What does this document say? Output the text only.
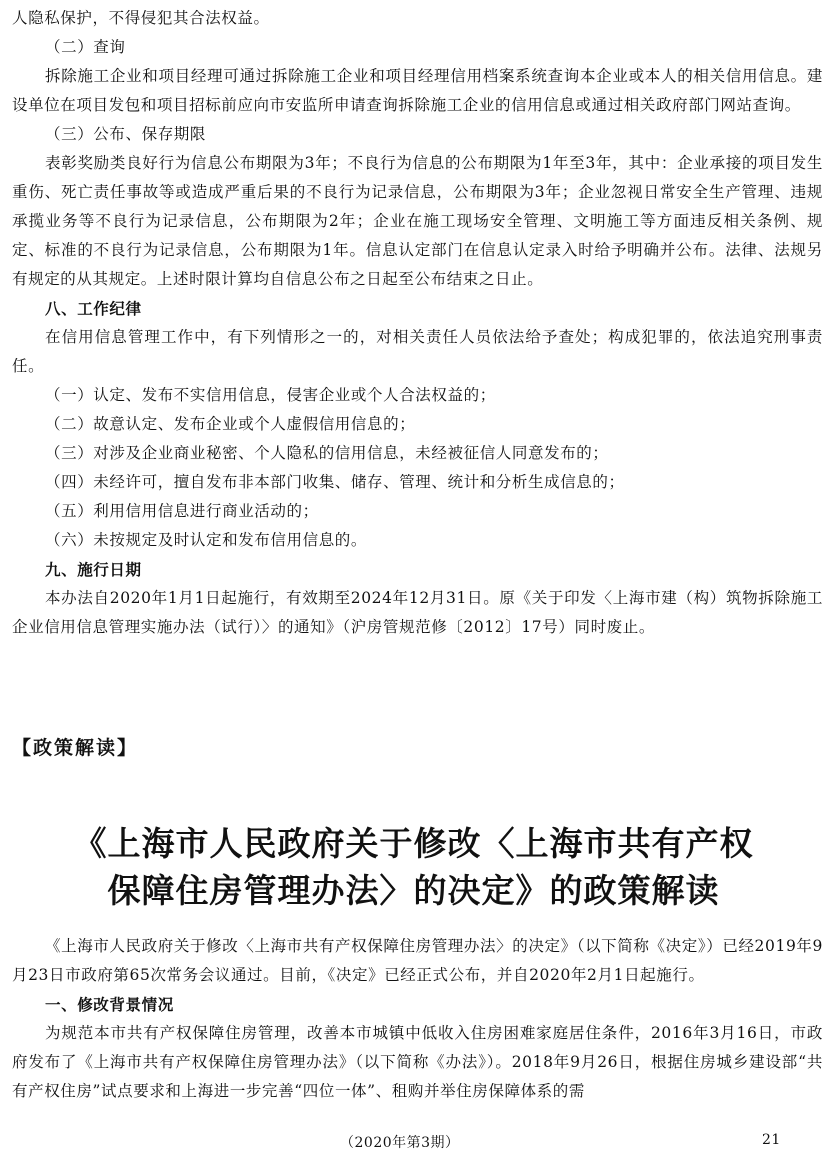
人隐私保护，不得侵犯其合法权益。

（二）查询

拆除施工企业和项目经理可通过拆除施工企业和项目经理信用档案系统查询本企业或本人的相关信用信息。建设单位在项目发包和项目招标前应向市安监所申请查询拆除施工企业的信用信息或通过相关政府部门网站查询。

（三）公布、保存期限

表彰奖励类良好行为信息公布期限为3年；不良行为信息的公布期限为1年至3年，其中：企业承接的项目发生重伤、死亡责任事故等或造成严重后果的不良行为记录信息，公布期限为3年；企业忽视日常安全生产管理、违规承揽业务等不良行为记录信息，公布期限为2年；企业在施工现场安全管理、文明施工等方面违反相关条例、规定、标准的不良行为记录信息，公布期限为1年。信息认定部门在信息认定录入时给予明确并公布。法律、法规另有规定的从其规定。上述时限计算均自信息公布之日起至公布结束之日止。

八、工作纪律

在信用信息管理工作中，有下列情形之一的，对相关责任人员依法给予查处；构成犯罪的，依法追究刑事责任。

（一）认定、发布不实信用信息，侵害企业或个人合法权益的；

（二）故意认定、发布企业或个人虚假信用信息的；

（三）对涉及企业商业秘密、个人隐私的信用信息，未经被征信人同意发布的；

（四）未经许可，擅自发布非本部门收集、储存、管理、统计和分析生成信息的；

（五）利用信用信息进行商业活动的；

（六）未按规定及时认定和发布信用信息的。

九、施行日期

本办法自2020年1月1日起施行，有效期至2024年12月31日。原《关于印发〈上海市建（构）筑物拆除施工企业信用信息管理实施办法（试行）〉的通知》（沪房管规范修〔2012〕17号）同时废止。

【政策解读】
《上海市人民政府关于修改〈上海市共有产权
保障住房管理办法〉的决定》的政策解读

《上海市人民政府关于修改〈上海市共有产权保障住房管理办法〉的决定》（以下简称《决定》）已经2019年9月23日市政府第65次常务会议通过。目前，《决定》已经正式公布，并自2020年2月1日起施行。

一、修改背景情况

为规范本市共有产权保障住房管理，改善本市城镇中低收入住房困难家庭居住条件，2016年3月16日，市政府发布了《上海市共有产权保障住房管理办法》（以下简称《办法》）。2018年9月26日，根据住房城乡建设部“共有产权住房”试点要求和上海进一步完善“四位一体”、租购并举住房保障体系的需

（2020年第3期）	21
